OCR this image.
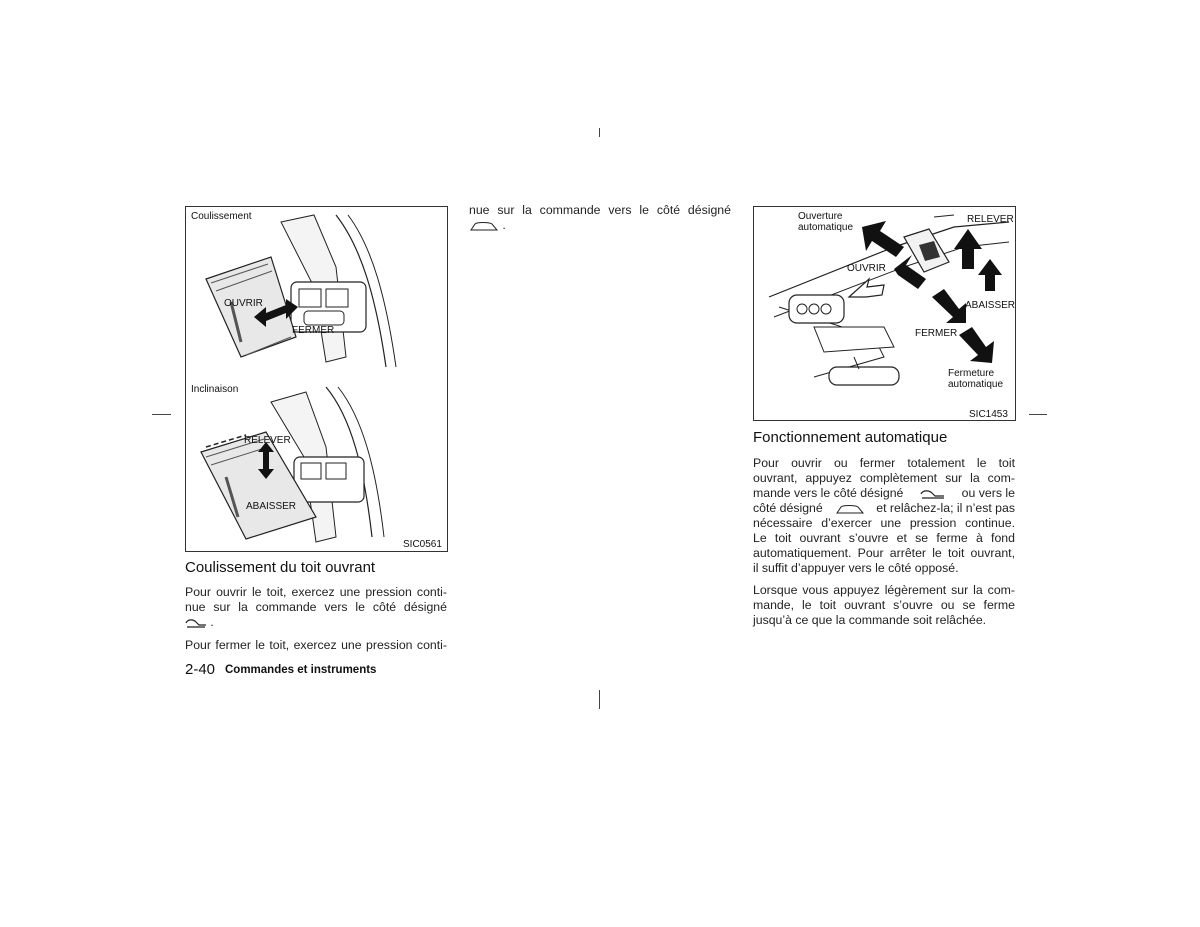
Coulissement
OUVRIR
FERMER
Inclinaison
RELEVER
ABAISSER
SIC0561
Coulissement du toit ouvrant
Pour ouvrir le toit, exercez une pression conti-
nue sur la commande vers le côté désigné
.
Pour fermer le toit, exercez une pression conti-
nue sur la commande vers le côté désigné
.
Ouverture
automatique
RELEVER
OUVRIR
ABAISSER
FERMER
Fermeture
automatique
SIC1453
Fonctionnement automatique
Pour ouvrir ou fermer totalement le toit
ouvrant, appuyez complètement sur la com-
mande vers le côté désigné	ou vers le
côté désigné	et relâchez-la; il n’est pas
nécessaire d’exercer une pression continue.
Le toit ouvrant s’ouvre et se ferme à fond
automatiquement. Pour arrêter le toit ouvrant,
il suffit d’appuyer vers le côté opposé.
Lorsque vous appuyez légèrement sur la com-
mande, le toit ouvrant s’ouvre ou se ferme
jusqu’à ce que la commande soit relâchée.
2-40 Commandes et instruments
